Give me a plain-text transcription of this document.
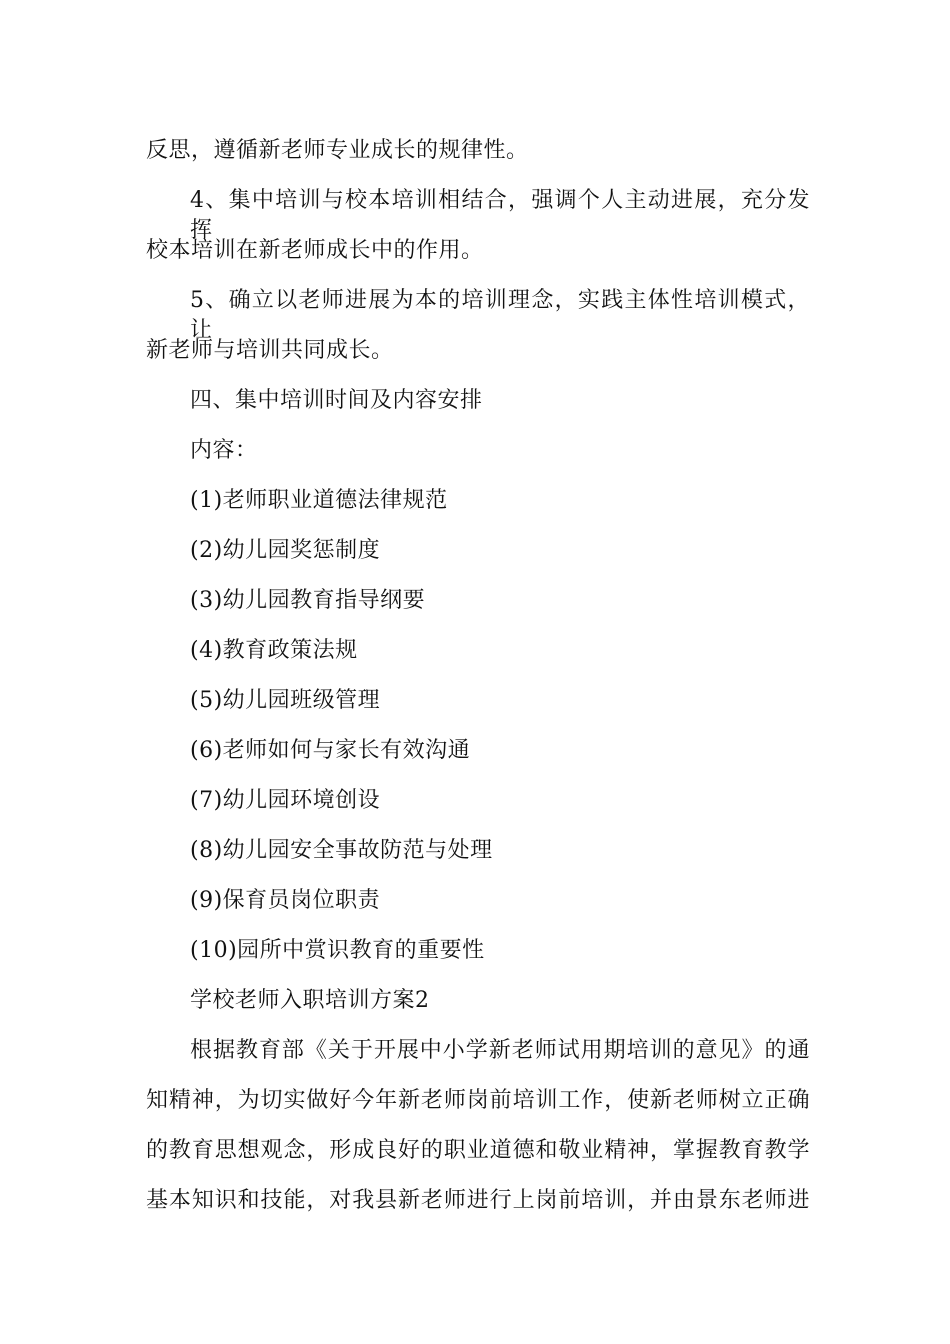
反思，遵循新老师专业成长的规律性。
4、集中培训与校本培训相结合，强调个人主动进展，充分发挥
校本培训在新老师成长中的作用。
5、确立以老师进展为本的培训理念，实践主体性培训模式，让
新老师与培训共同成长。
四、集中培训时间及内容安排
内容：
(1)老师职业道德法律规范
(2)幼儿园奖惩制度
(3)幼儿园教育指导纲要
(4)教育政策法规
(5)幼儿园班级管理
(6)老师如何与家长有效沟通
(7)幼儿园环境创设
(8)幼儿园安全事故防范与处理
(9)保育员岗位职责
(10)园所中赏识教育的重要性
学校老师入职培训方案2
根据教育部《关于开展中小学新老师试用期培训的意见》的通
知精神，为切实做好今年新老师岗前培训工作，使新老师树立正确
的教育思想观念，形成良好的职业道德和敬业精神，掌握教育教学
基本知识和技能，对我县新老师进行上岗前培训，并由景东老师进
